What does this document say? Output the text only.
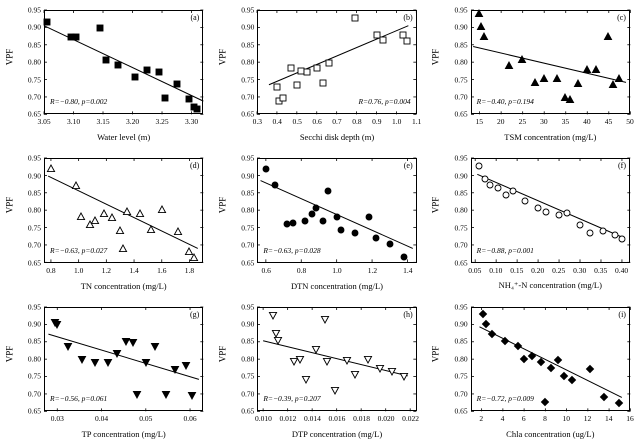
VPF
Water level (m)
3.05 3.10 3.15 3.20 3.25 3.30
0.65
0.70
0.75
0.80
0.85
0.90
0.95
(a)
R=−0.80, p=0.002
VPF
Secchi disk depth (m)
0.3 0.4 0.5 0.6 0.7 0.8 0.9 1.0 1.1
0.65
0.70
0.75
0.80
0.85
0.90
0.95
(b)
R=0.76, p=0.004
VPF
TSM concentration (mg/L)
15 20 25 30 35 40 45 50
0.65
0.70
0.75
0.80
0.85
0.90
0.95
(c)
R=−0.40, p=0.194
VPF
TN concentration (mg/L)
0.8 1.0 1.2 1.4 1.6 1.8
0.65
0.70
0.75
0.80
0.85
0.90
0.95
(d)
R=−0.63, p=0.027
VPF
DTN concentration (mg/L)
0.6	0.8	1.0	1.2	1.4
0.65
0.70
0.75
0.80
0.85
0.90
0.95
(e)
R=−0.63, p=0.028
VPF
NH₄⁺-N concentration (mg/L)
0.05 0.10 0.15 0.20 0.25 0.30 0.35 0.40
0.65
0.70
0.75
0.80
0.85
0.90
0.95
(f)
R=−0.88, p=0.001
VPF
TP concentration (mg/L)
0.03	0.04	0.05	0.06
0.65
0.70
0.75
0.80
0.85
0.90
0.95
(g)
R=−0.56, p=0.061
VPF
DTP concentration (mg/L)
0.010 0.012 0.014 0.016 0.018 0.020 0.022
0.65
0.70
0.75
0.80
0.85
0.90
0.95
(h)
R=−0.39, p=0.207
VPF
Chla concentration (ug/L)
2 4 6 8 10 12 14 16
0.65
0.70
0.75
0.80
0.85
0.90
0.95
(i)
R=−0.72, p=0.009
